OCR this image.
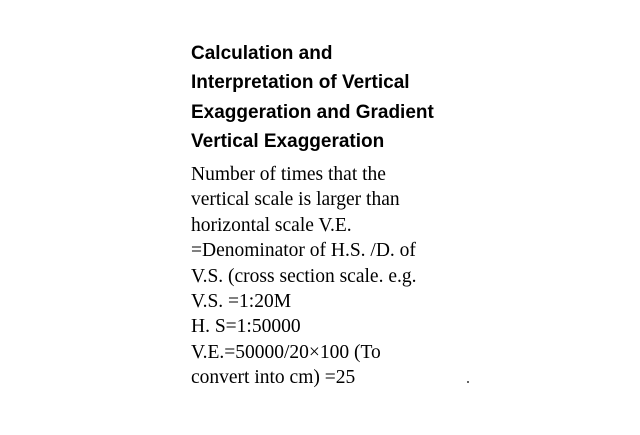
Calculation and
Interpretation of Vertical
Exaggeration and Gradient
Vertical Exaggeration
Number of times that the
vertical scale is larger than
horizontal scale V.E.
=Denominator of H.S. /D. of
V.S. (cross section scale. e.g.
V.S. =1:20M
H. S=1:50000
V.E.=50000/20×100 (To
convert into cm) =25
